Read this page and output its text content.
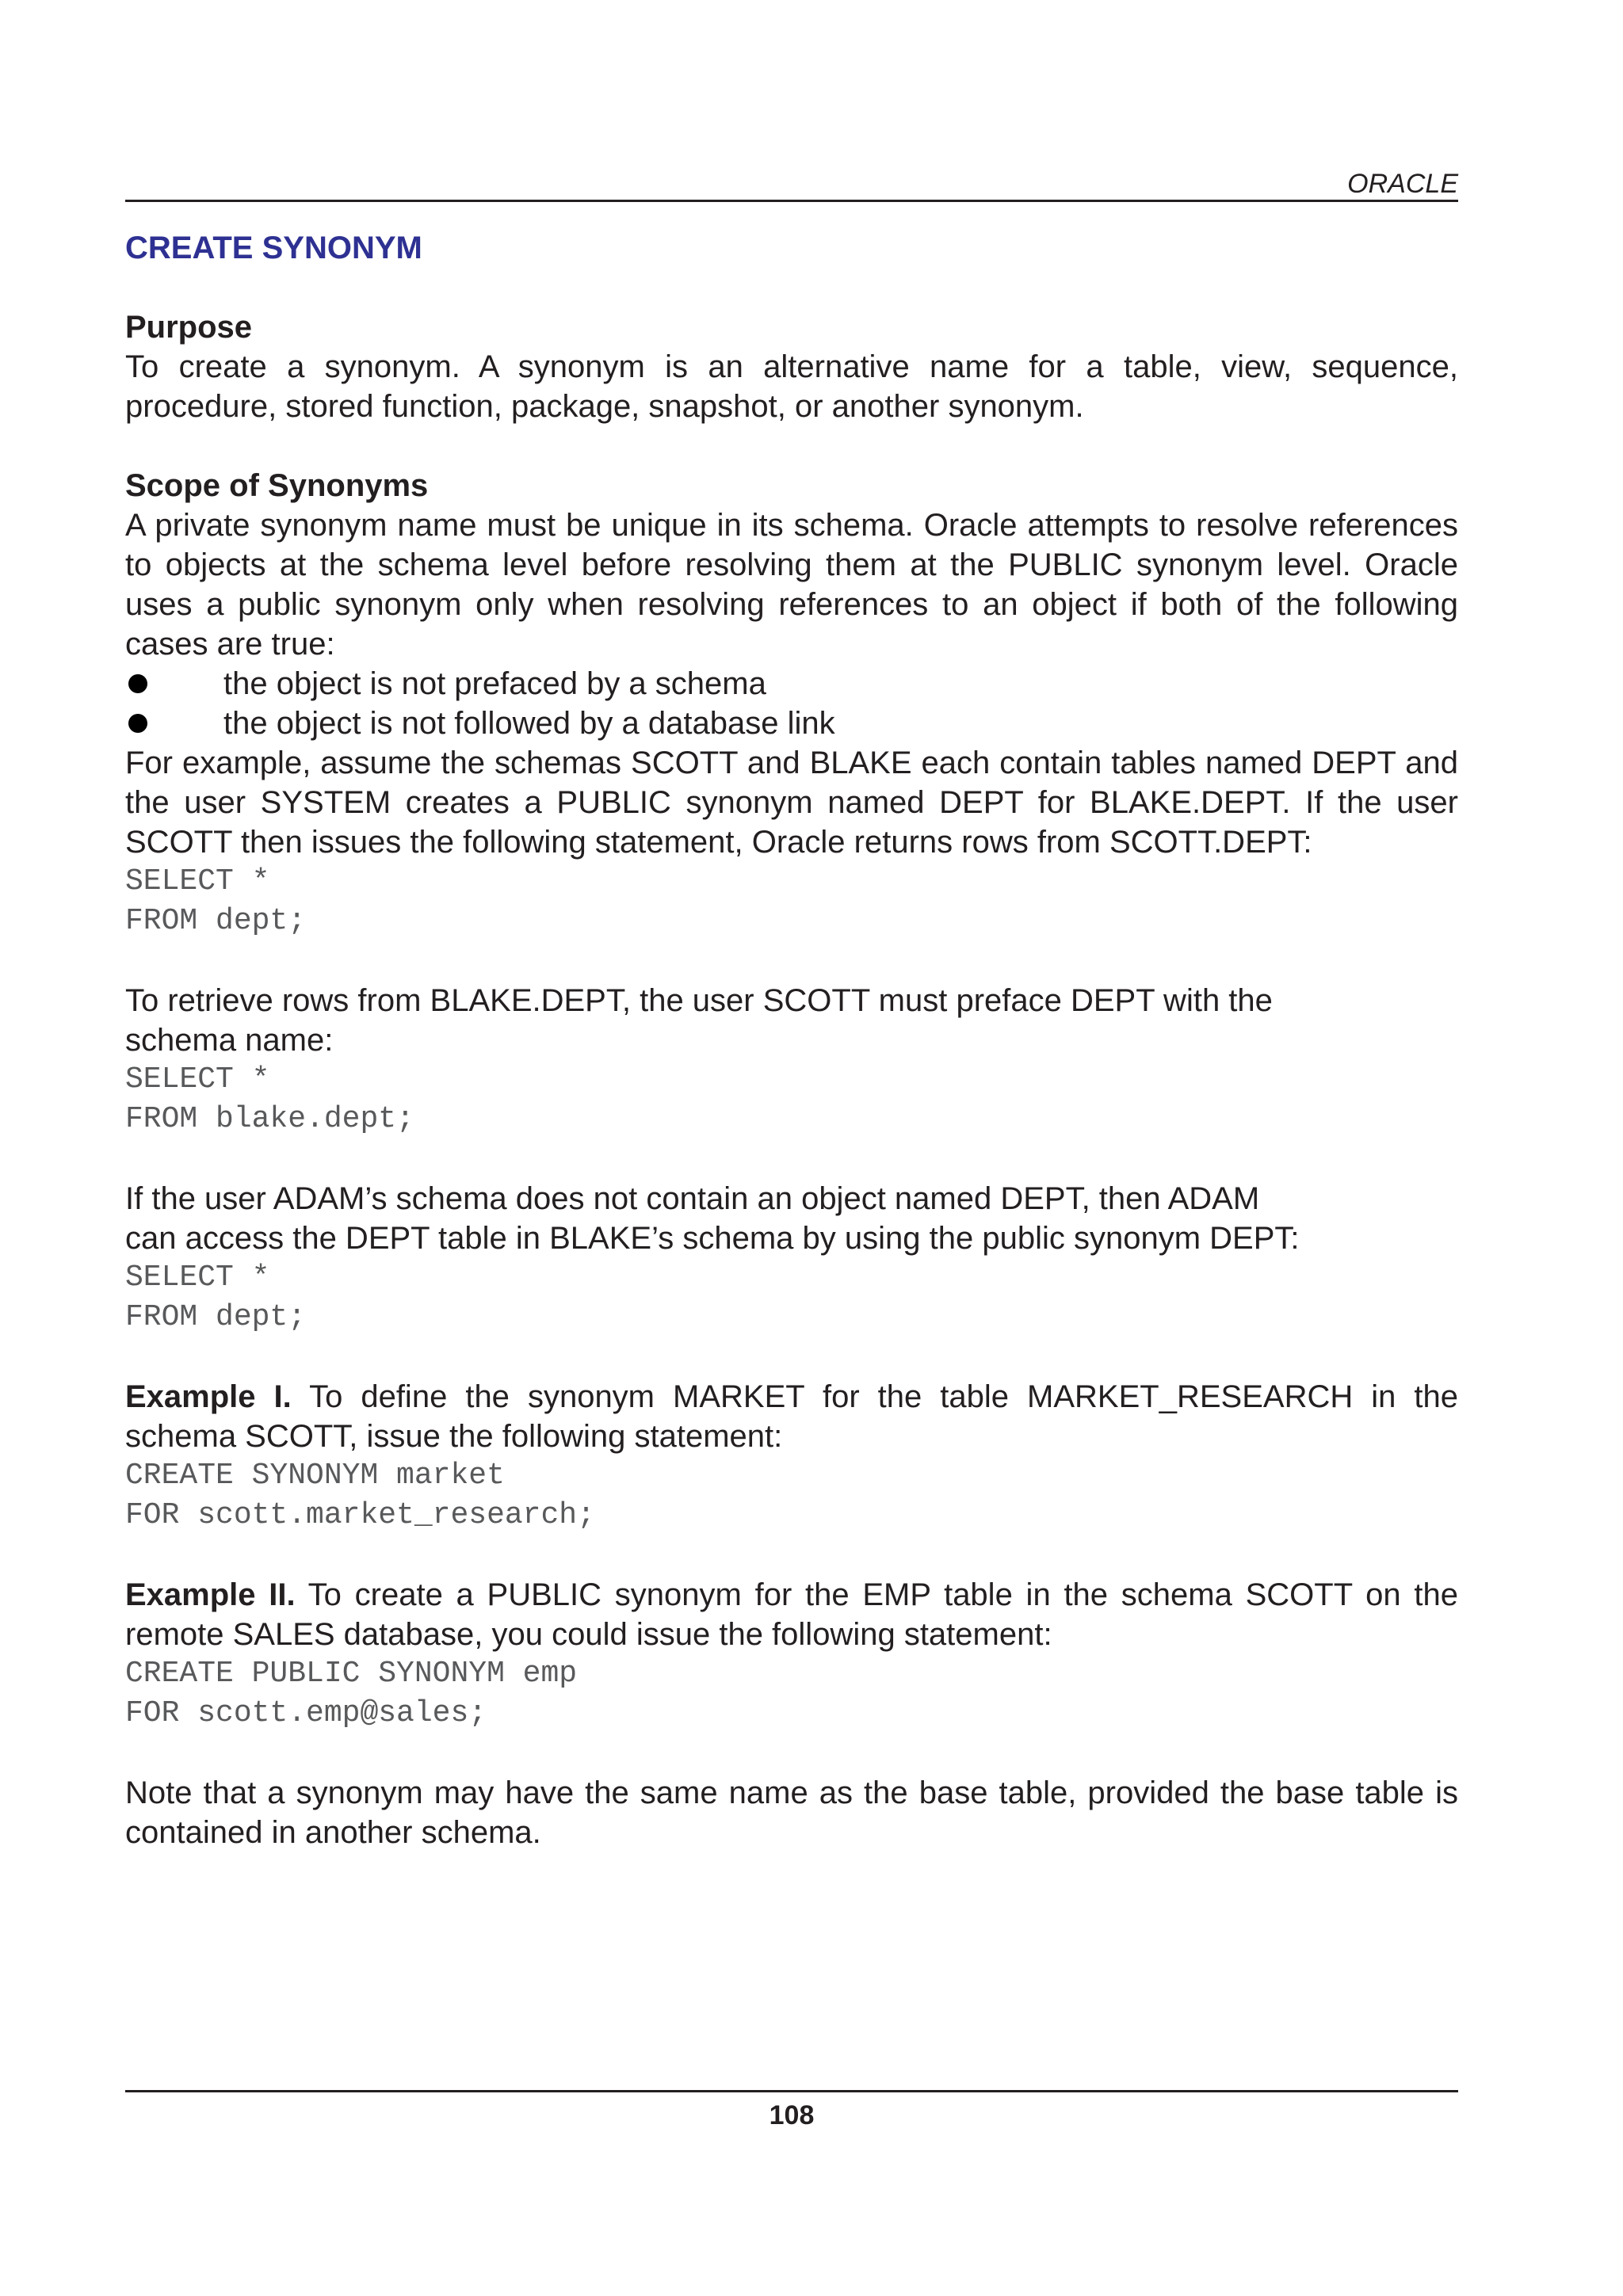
ORACLE
CREATE SYNONYM

Purpose

To create a synonym. A synonym is an alternative name for a table, view, sequence, procedure, stored function, package, snapshot, or another synonym.

Scope of Synonyms

A private synonym name must be unique in its schema. Oracle attempts to resolve references to objects at the schema level before resolving them at the PUBLIC synonym level. Oracle uses a public synonym only when resolving references to an object if both of the following cases are true:

the object is not prefaced by a schema
the object is not followed by a database link

For example, assume the schemas SCOTT and BLAKE each contain tables named DEPT and the user SYSTEM creates a PUBLIC synonym named DEPT for BLAKE.DEPT. If the user SCOTT then issues the following statement, Oracle returns rows from SCOTT.DEPT:

SELECT *
FROM dept;

To retrieve rows from BLAKE.DEPT, the user SCOTT must preface DEPT with the

schema name:

SELECT *
FROM blake.dept;

If the user ADAM’s schema does not contain an object named DEPT, then ADAM

can access the DEPT table in BLAKE’s schema by using the public synonym DEPT:

SELECT *
FROM dept;

Example I. To define the synonym MARKET for the table MARKET_RESEARCH in the schema SCOTT, issue the following statement:

CREATE SYNONYM market
FOR scott.market_research;

Example II. To create a PUBLIC synonym for the EMP table in the schema SCOTT on the remote SALES database, you could issue the following statement:

CREATE PUBLIC SYNONYM emp
FOR scott.emp@sales;

Note that a synonym may have the same name as the base table, provided the base table is contained in another schema.

108
